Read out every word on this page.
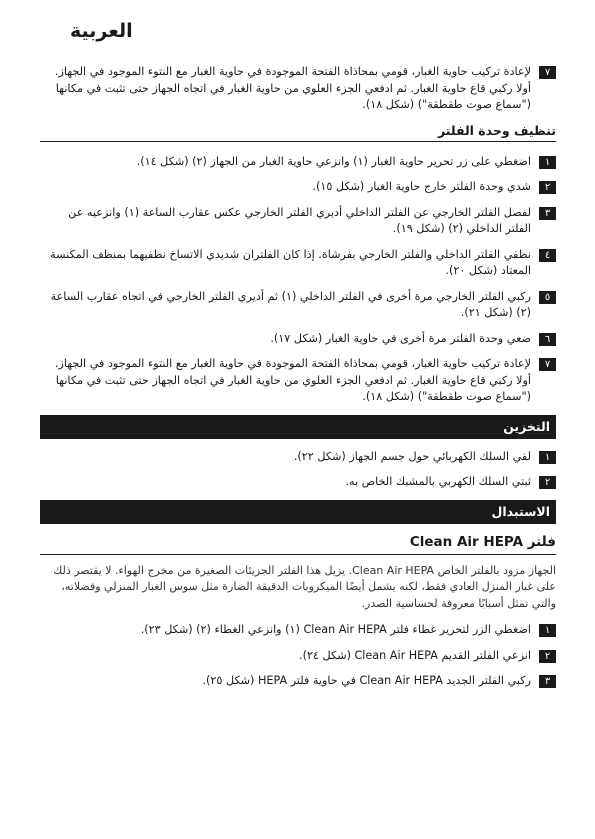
العربية
٧
لإعادة تركيب حاوية الغبار، قومي بمحاذاة الفتحة الموجودة في حاوية الغبار مع النتوء الموجود في الجهاز. أولا ركبي قاع حاوية الغبار. ثم ادفعي الجزء العلوي من حاوية الغبار في اتجاه الجهاز حتى تثبت في مكانها ("سماع صوت طقطقة") (شكل ١٨).
تنظيف وحدة الفلتر
١
اضغطي على زر تحرير حاوية الغبار (١) وانزعي حاوية الغبار من الجهاز (٢) (شكل ١٤).
٢
شدي وحدة الفلتر خارج حاوية الغبار (شكل ١٥).
٣
لفصل الفلتر الخارجي عن الفلتر الداخلي أديري الفلتر الخارجي عكس عقارب الساعة (١) وانزعيه عن الفلتر الداخلي (٢) (شكل ١٩).
٤
نظفي الفلتر الداخلي والفلتر الخارجي بفرشاة. إذا كان الفلتران شديدي الاتساخ نظفيهما بمنظف المكنسة المعتاد (شكل ٢٠).
٥
ركبي الفلتر الخارجي مرة أخرى في الفلتر الداخلي (١) ثم أديري الفلتر الخارجي في اتجاه عقارب الساعة (٢) (شكل ٢١).
٦
ضعي وحدة الفلتر مرة أخرى في حاوية الغبار (شكل ١٧).
٧
لإعادة تركيب حاوية الغبار، قومي بمحاذاة الفتحة الموجودة في حاوية الغبار مع النتوء الموجود في الجهاز. أولا ركبي قاع حاوية الغبار. ثم ادفعي الجزء العلوي من حاوية الغبار في اتجاه الجهاز حتى تثبت في مكانها ("سماع صوت طقطقة") (شكل ١٨).
التخزين
١
لفي السلك الكهربائي حول جسم الجهاز (شكل ٢٢).
٢
ثبتي السلك الكهربي بالمشبك الخاص به.
الاستبدال
فلتر Clean Air HEPA
الجهاز مزود بالفلتر الخاص Clean Air HEPA. يزيل هذا الفلتر الجزيئات الصغيرة من مخرج الهواء. لا يقتصر ذلك على غبار المنزل العادي فقط، لكنه يشمل أيضًا الميكروبات الدقيقة الضارة مثل سوس الغبار المنزلي وفضلاته، والتي تمثل أسبابًا معروفة لحساسية الصدر.
١
اضغطي الزر لتحرير غطاء فلتر Clean Air HEPA (١) وانزعي الغطاء (٢) (شكل ٢٣).
٢
انزعي الفلتر القديم Clean Air HEPA (شكل ٢٤).
٣
ركبي الفلتر الجديد Clean Air HEPA في حاوية فلتر HEPA (شكل ٢٥).
